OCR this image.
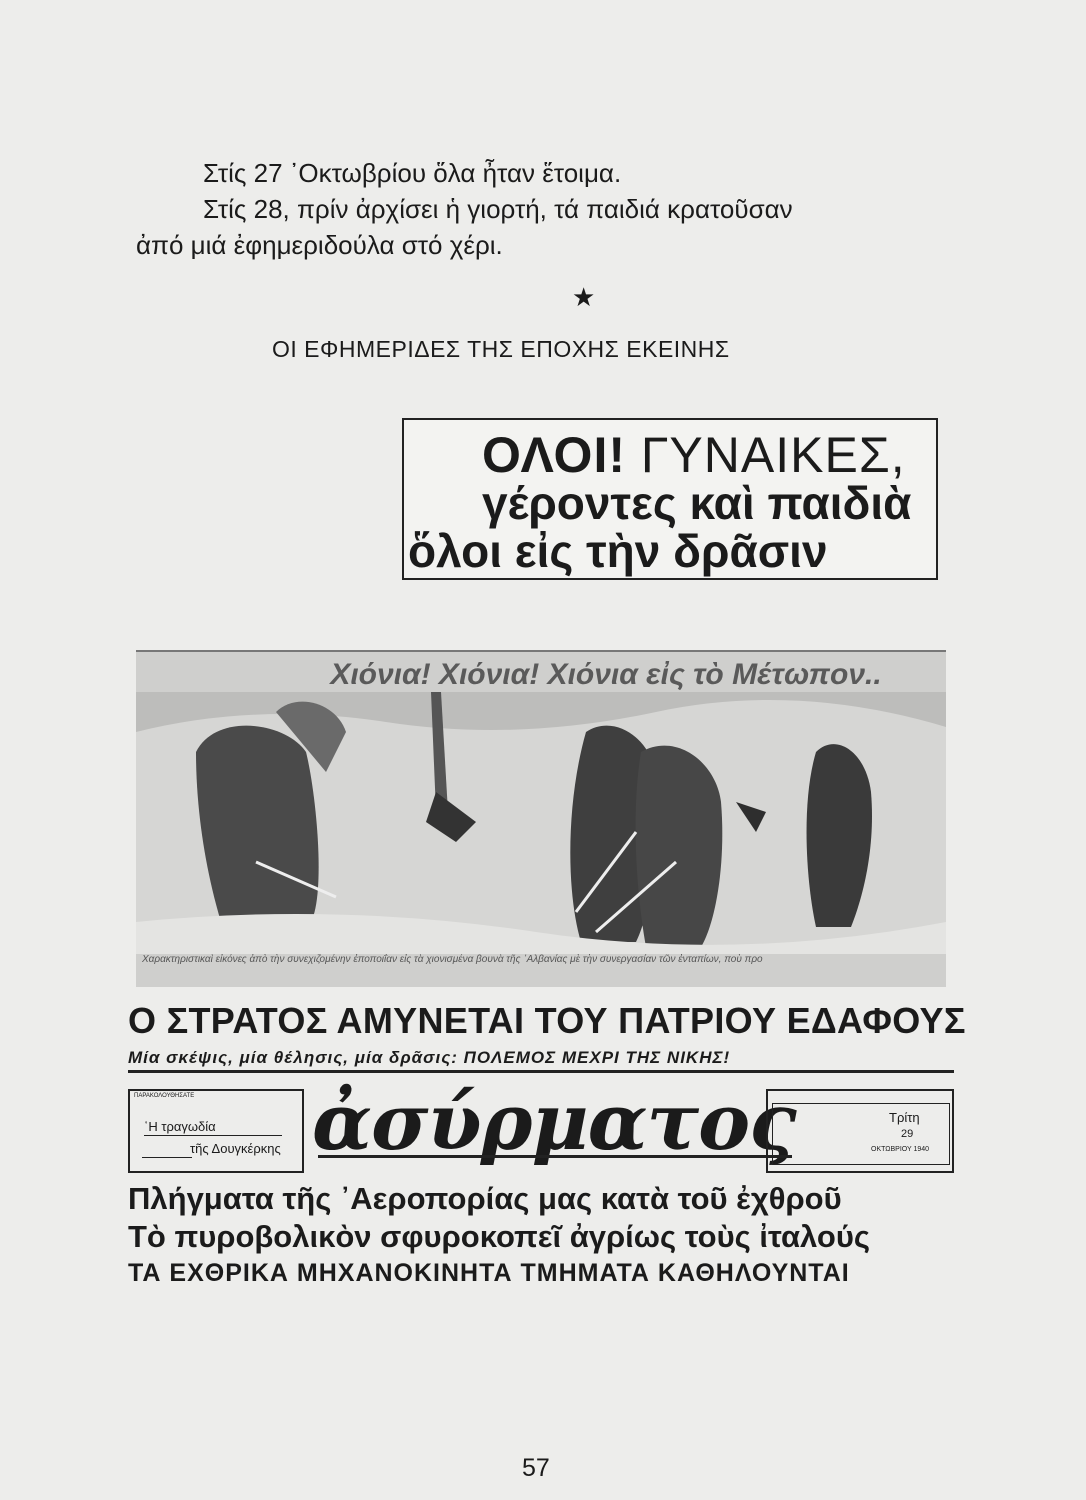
Στίς 27 ᾿Οκτωβρίου ὅλα ἦταν ἕτοιμα.
Στίς 28, πρίν ἀρχίσει ἡ γιορτή, τά παιδιά κρατοῦσαν
ἀπό μιά ἐφημεριδούλα στό χέρι.
★
ΟΙ ΕΦΗΜΕΡΙΔΕΣ ΤΗΣ ΕΠΟΧΗΣ ΕΚΕΙΝΗΣ
ΟΛΟΙ! ΓΥΝΑΙΚΕΣ,
γέροντες καὶ παιδιὰ
ὅλοι εἰς τὴν δρᾶσιν
Χιόνια! Χιόνια! Χιόνια εἰς τὸ Μέτωπον..
Χαρακτηριστικαὶ εἰκόνες ἀπὸ τὴν συνεχιζομένην ἐποποιΐαν εἰς τὰ χιονισμένα βουνὰ τῆς ᾿Αλβανίας μὲ τὴν συνεργασίαν τῶν ἐνταπίων, ποὺ προ
Ο ΣΤΡΑΤΟΣ ΑΜΥΝΕΤΑΙ ΤΟΥ ΠΑΤΡΙΟΥ ΕΔΑΦΟΥΣ
Μία σκέψις, μία θέλησις, μία δρᾶσις: ΠΟΛΕΜΟΣ ΜΕΧΡΙ ΤΗΣ ΝΙΚΗΣ!
ΠΑΡΑΚΟΛΟΥΘΗΣΑΤΕ
῾Η τραγωδία
τῆς Δουγκέρκης ἀσύρματος	Τρίτη
29
ΟΚΤΩΒΡΙΟΥ 1940
Πλήγματα τῆς ᾿Αεροπορίας μας κατὰ τοῦ ἐχθροῦ
Τὸ πυροβολικὸν σφυροκοπεῖ ἀγρίως τοὺς ἰταλούς
ΤΑ ΕΧΘΡΙΚΑ ΜΗΧΑΝΟΚΙΝΗΤΑ ΤΜΗΜΑΤΑ ΚΑΘΗΛΟΥΝΤΑΙ
57
